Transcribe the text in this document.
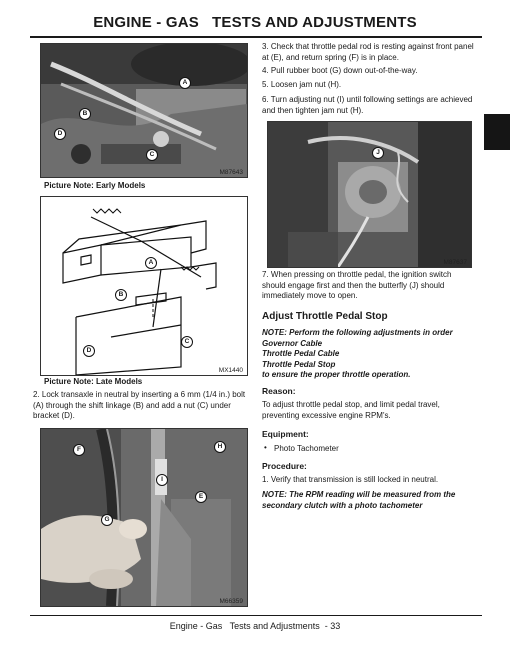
ENGINE - GAS   TESTS AND ADJUSTMENTS
A
B
D
C
M87643
Picture Note: Early Models
A
B
C
D
MX1440
Picture Note: Late Models

2. Lock transaxle in neutral by inserting a 6 mm (1/4 in.) bolt (A) through the shift linkage (B) and add a nut (C) under bracket (D).

H
F
I
E
G
M66359

3. Check that throttle pedal rod is resting against front panel at (E), and return spring (F) is in place.

4. Pull rubber boot (G) down out-of-the-way.

5. Loosen jam nut (H).

6. Turn adjusting nut (I) until following settings are achieved and then tighten jam nut (H).

J
M87637

7. When pressing on throttle pedal, the ignition switch should engage first and then the butterfly (J) should immediately move to open.

Adjust Throttle Pedal Stop
NOTE: Perform the following adjustments in order
Governor Cable
Throttle Pedal Cable
Throttle Pedal Stop
to ensure the proper throttle operation.
Reason:

To adjust throttle pedal stop, and limit pedal travel, preventing excessive engine RPM's.

Equipment:
• Photo Tachometer
Procedure:

1. Verify that transmission is still locked in neutral.

NOTE: The RPM reading will be measured from the secondary clutch with a photo tachometer

Engine - Gas   Tests and Adjustments  - 33
